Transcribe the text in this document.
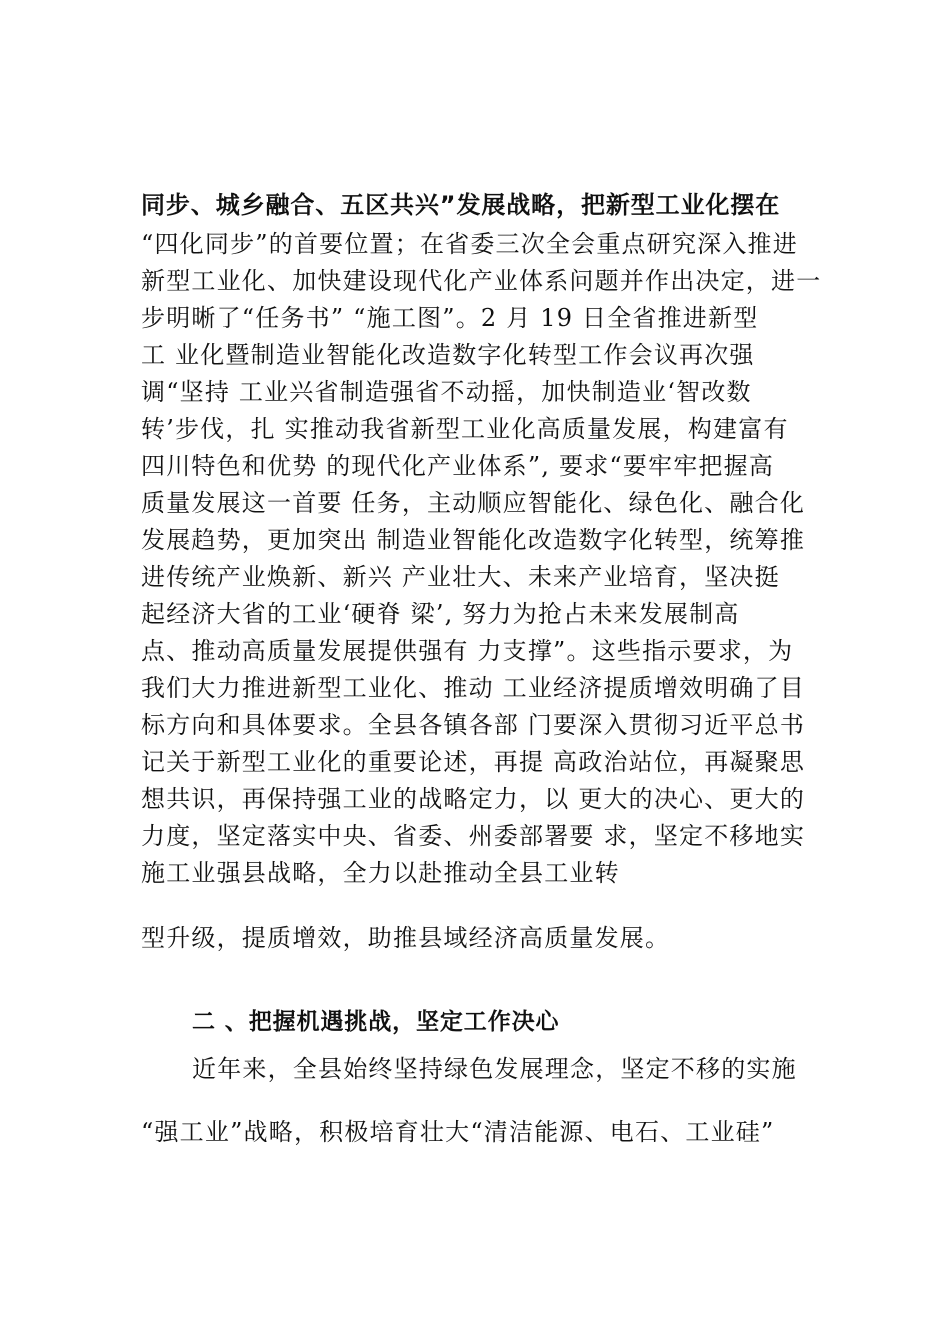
同步、城乡融合、五区共兴”发展战略，把新型工业化摆在
“四化同步”的首要位置；在省委三次全会重点研究深入推进
新型工业化、加快建设现代化产业体系问题并作出决定，进一
步明晰了“任务书” “施工图”。2 月 19 日全省推进新型
工 业化暨制造业智能化改造数字化转型工作会议再次强
调“坚持 工业兴省制造强省不动摇，加快制造业‘智改数
转’步伐，扎 实推动我省新型工业化高质量发展，构建富有
四川特色和优势 的现代化产业体系”, 要求“要牢牢把握高
质量发展这一首要 任务，主动顺应智能化、绿色化、融合化
发展趋势，更加突出 制造业智能化改造数字化转型，统筹推
进传统产业焕新、新兴 产业壮大、未来产业培育，坚决挺
起经济大省的工业‘硬脊 梁’, 努力为抢占未来发展制高
点、推动高质量发展提供强有 力支撑”。这些指示要求，为
我们大力推进新型工业化、推动 工业经济提质增效明确了目
标方向和具体要求。全县各镇各部 门要深入贯彻习近平总书
记关于新型工业化的重要论述，再提 高政治站位，再凝聚思
想共识，再保持强工业的战略定力，以 更大的决心、更大的
力度，坚定落实中央、省委、州委部署要 求，坚定不移地实
施工业强县战略，全力以赴推动全县工业转
型升级，提质增效，助推县域经济高质量发展。
二 、把握机遇挑战，坚定工作决心
近年来，全县始终坚持绿色发展理念，坚定不移的实施
“强工业”战略，积极培育壮大“清洁能源、电石、工业硅”
